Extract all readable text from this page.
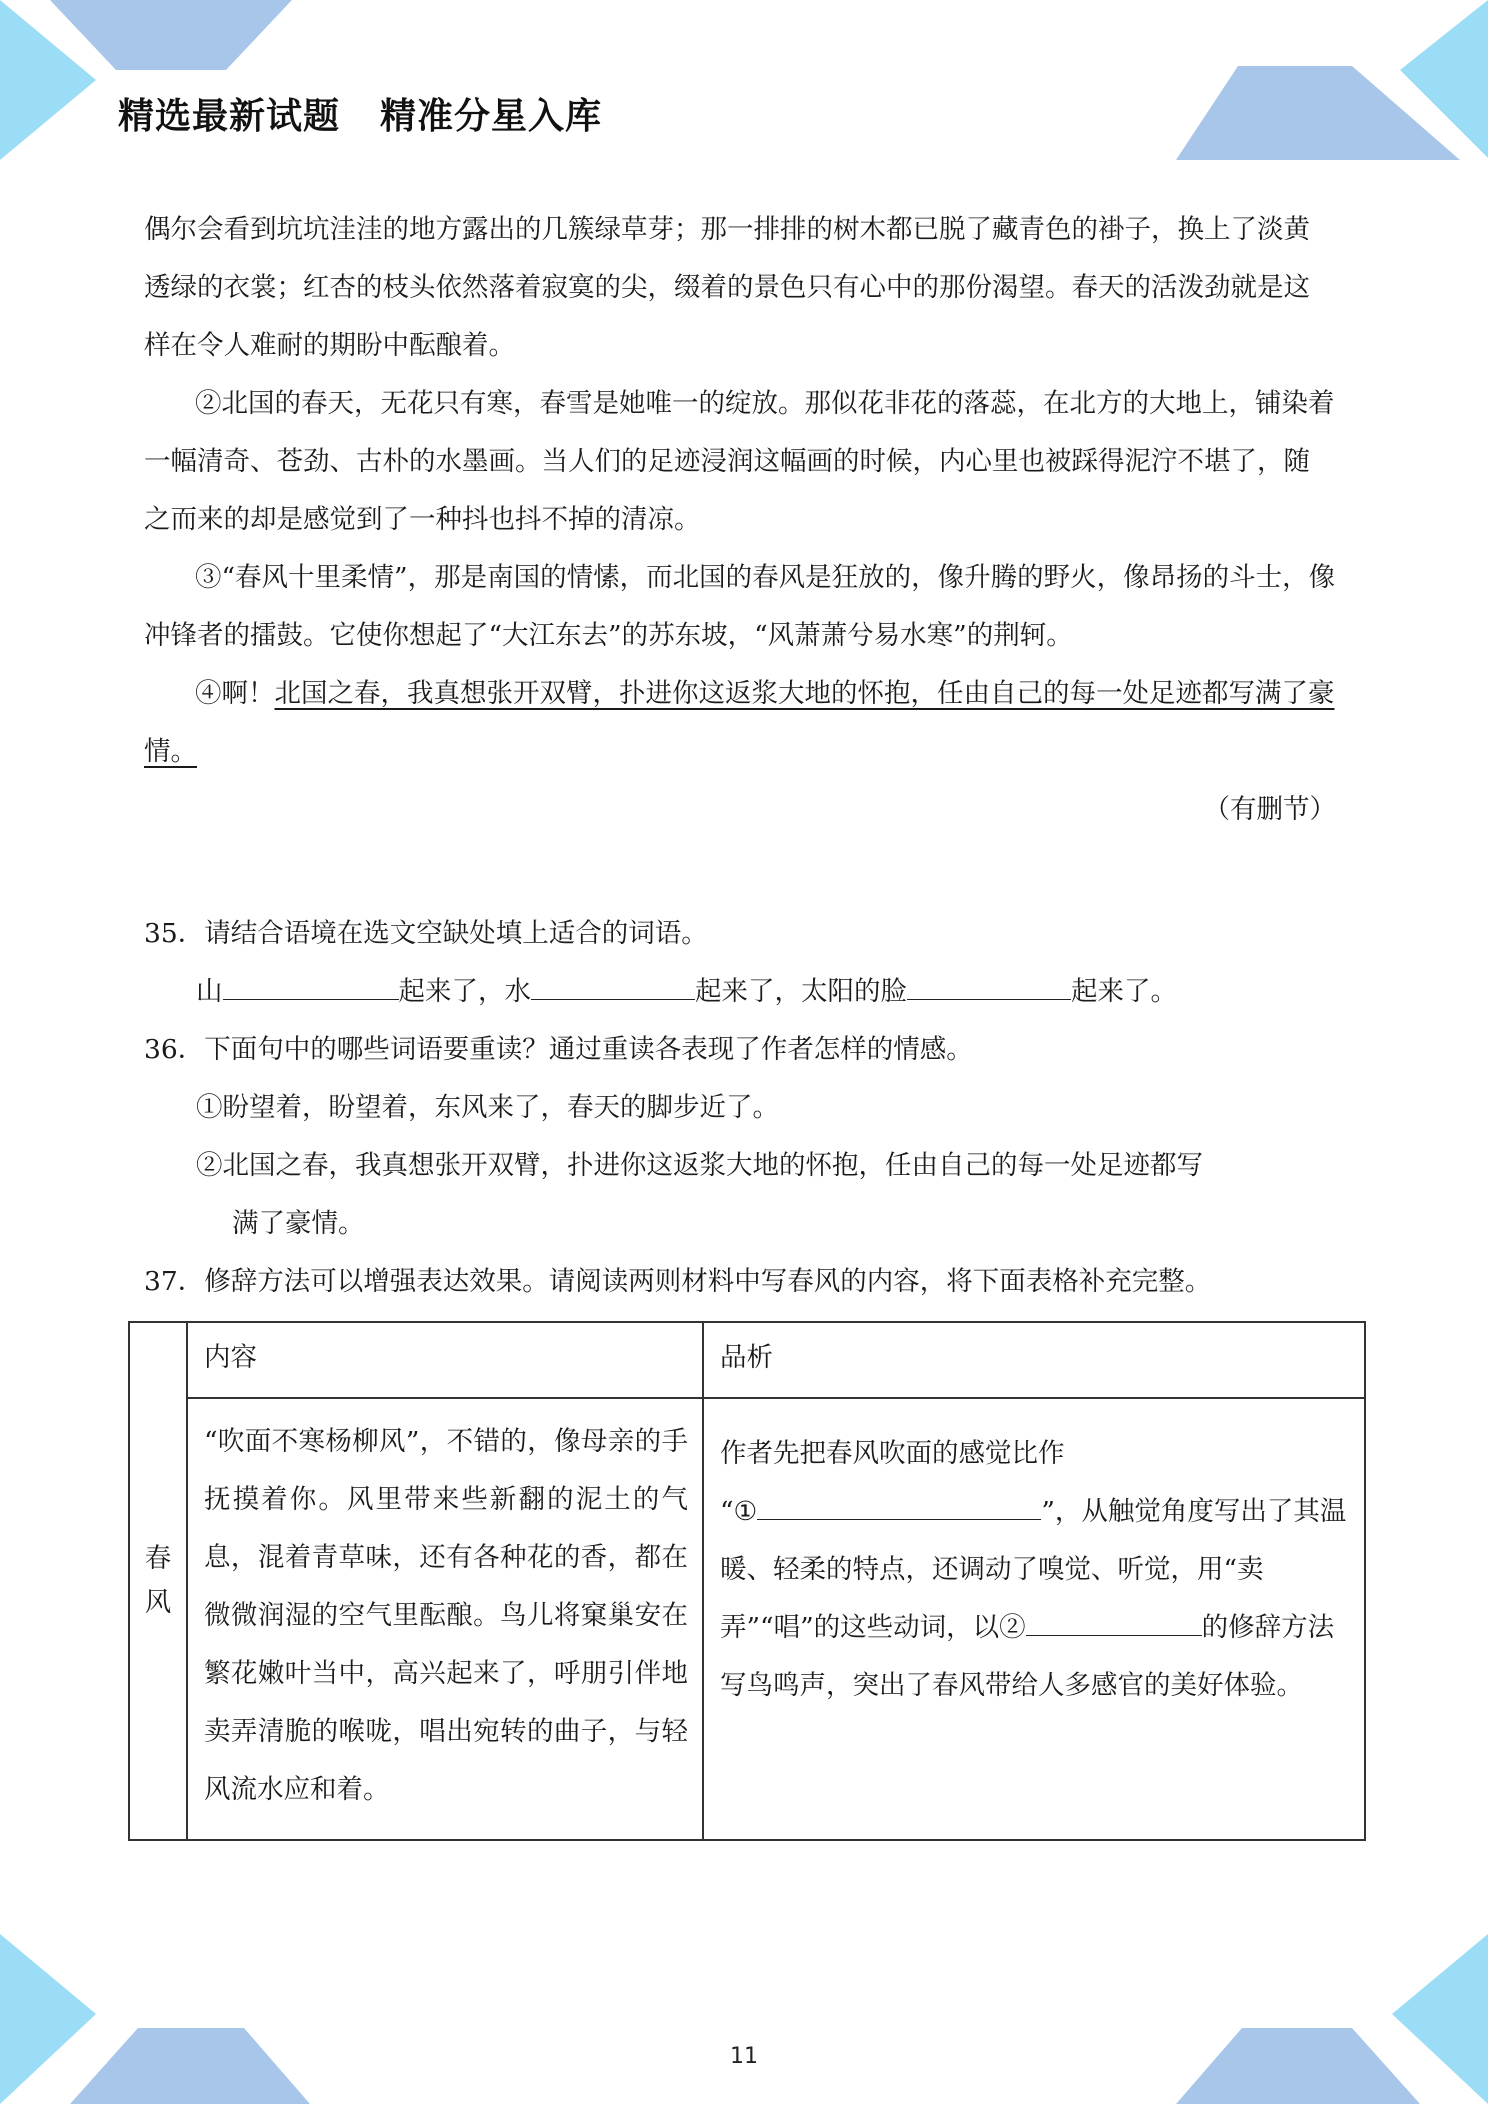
精选最新试题 精准分星入库

偶尔会看到坑坑洼洼的地方露出的几簇绿草芽；那一排排的树木都已脱了藏青色的褂子，换上了淡黄透绿的衣裳；红杏的枝头依然落着寂寞的尖，缀着的景色只有心中的那份渴望。春天的活泼劲就是这样在令人难耐的期盼中酝酿着。

②北国的春天，无花只有寒，春雪是她唯一的绽放。那似花非花的落蕊，在北方的大地上，铺染着一幅清奇、苍劲、古朴的水墨画。当人们的足迹浸润这幅画的时候，内心里也被踩得泥泞不堪了，随之而来的却是感觉到了一种抖也抖不掉的清凉。

③“春风十里柔情”，那是南国的情愫，而北国的春风是狂放的，像升腾的野火，像昂扬的斗士，像冲锋者的擂鼓。它使你想起了“大江东去”的苏东坡，“风萧萧兮易水寒”的荆轲。

④啊！北国之春，我真想张开双臂，扑进你这返浆大地的怀抱，任由自己的每一处足迹都写满了豪情。

（有删节）

35．请结合语境在选文空缺处填上适合的词语。
山	起来了，水	起来了，太阳的脸	起来了。
36．下面句中的哪些词语要重读？通过重读各表现了作者怎样的情感。
①盼望着，盼望着，东风来了，春天的脚步近了。
②北国之春，我真想张开双臂，扑进你这返浆大地的怀抱，任由自己的每一处足迹都写
满了豪情。
37．修辞方法可以增强表达效果。请阅读两则材料中写春风的内容，将下面表格补充完整。
春风	内容	品析
	“吹面不寒杨柳风”，不错的，像母亲的手抚摸着你。风里带来些新翻的泥土的气息，混着青草味，还有各种花的香，都在微微润湿的空气里酝酿。鸟儿将窠巢安在繁花嫩叶当中，高兴起来了，呼朋引伴地卖弄清脆的喉咙，唱出宛转的曲子，与轻风流水应和着。	作者先把春风吹面的感觉比作
“① ”，从触觉角度写出了其温暖、轻柔的特点，还调动了嗅觉、听觉，用“卖弄”“唱”的这些动词，以② 的修辞方法写鸟鸣声，突出了春风带给人多感官的美好体验。
11
